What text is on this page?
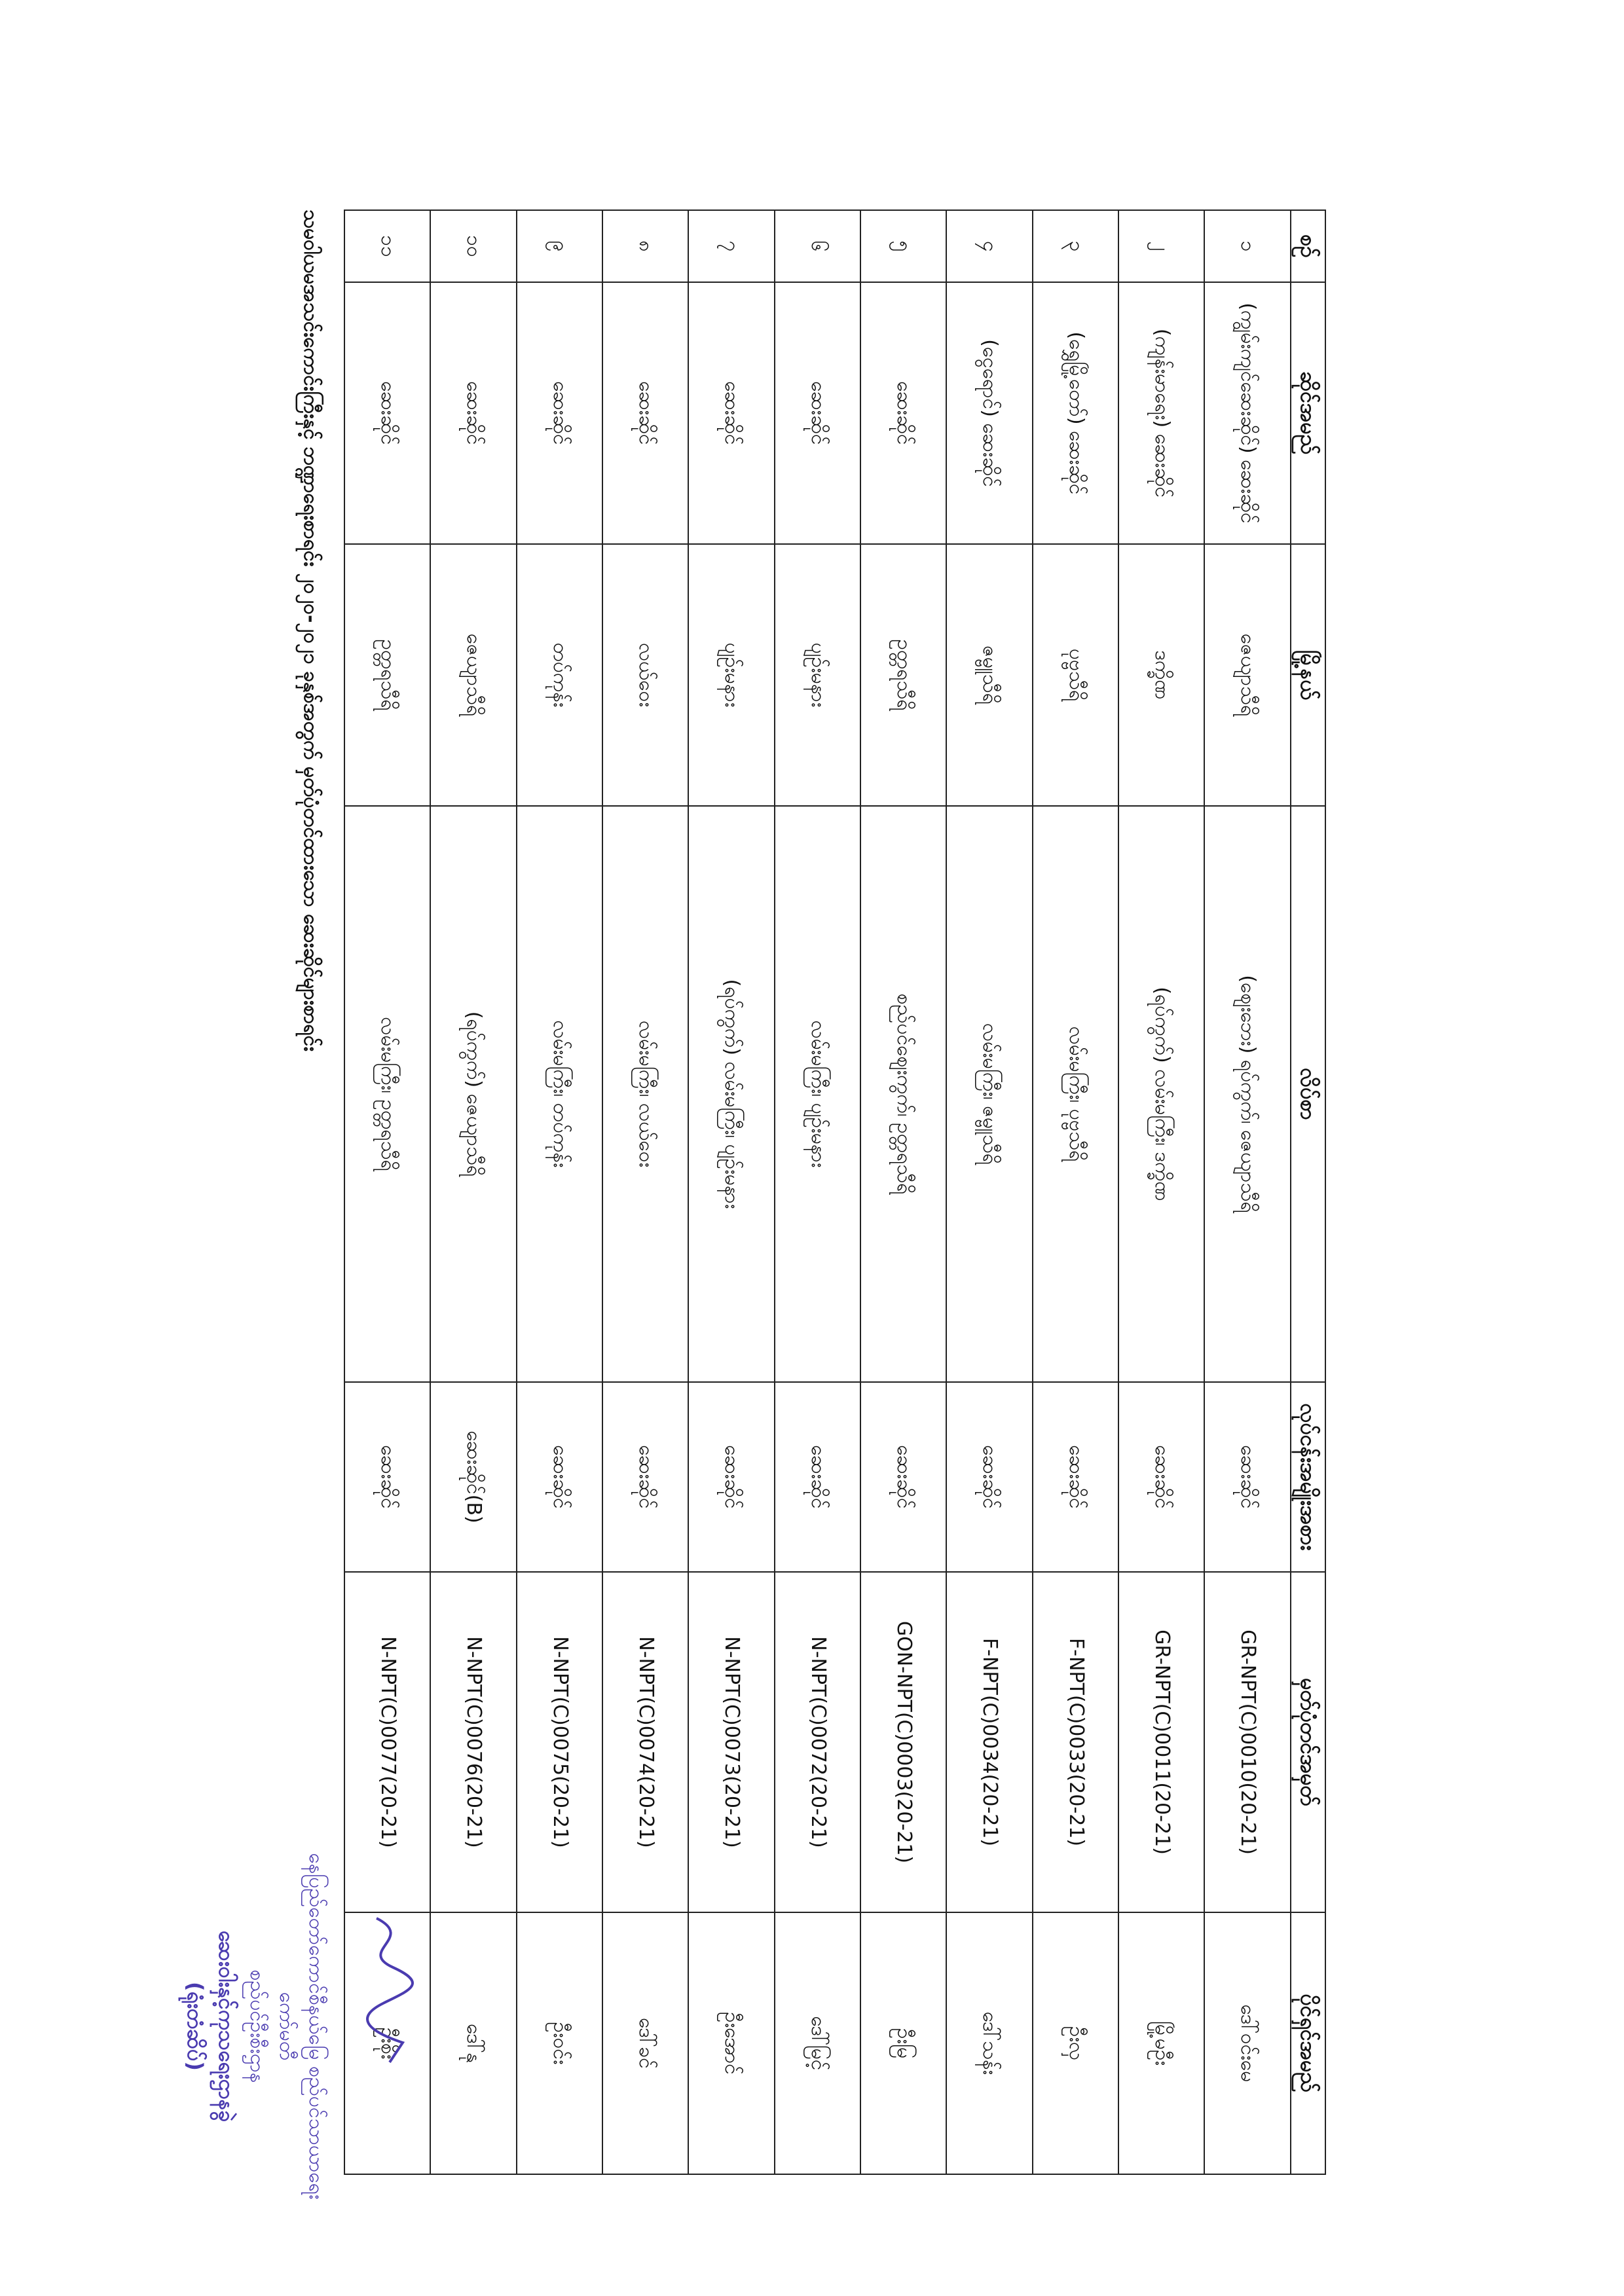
စဉ်	ဆိုင်အမည်	မြို့နယ်	လိပ်စာ	လုပ်ငန်းအမျိုးအစား	မှတ်ပုံတင်အမှတ်	ပိုင်ရှင်အမည်
၁	(ကျွမ်းကျင်ဆေးဆိုင်) ဆေးဆိုင်	ဇေယျာသီရိ	(ဈေးဘေး) ရပ်ကွက်၊ ဇေယျာသီရိ	ဆေးဆိုင်	GR-NPT(C)0010(20-21)	ဒေါ်ဝင်းမေ
၂	(ကျန်းမာရေး) ဆေးဆိုင်	ဒက္ခိဏ	(ရပ်ကွက်) လမ်းမကြီး၊ ဒက္ခိဏ	ဆေးဆိုင်	GR-NPT(C)0011(20-21)	မြို့မဦး
၃	(ရွှေမြို့တော်) ဆေးဆိုင်	ပုဗ္ဗသီရိ	လမ်းမကြီး၊ ပုဗ္ဗသီရိ	ဆေးဆိုင်	F-NPT(C)0033(20-21)	ဦးလှ
၄	(ငွေရောင်) ဆေးဆိုင်	ဇမ္ဗူသီရိ	လမ်းမကြီး၊ ဇမ္ဗူသီရိ	ဆေးဆိုင်	F-NPT(C)0034(20-21)	ဒေါ်သန်း
၅	ဆေးဆိုင်	ဥတ္တရသီရိ	စည်ပင်ဈေးကွက်၊ ဥတ္တရသီရိ	ဆေးဆိုင်	GON-NPT(C)0003(20-21)	ဦးမြ
၆	ဆေးဆိုင်	ပျဉ်းမနား	လမ်းမကြီး၊ ပျဉ်းမနား	ဆေးဆိုင်	N-NPT(C)0072(20-21)	ဒေါ်မြင့်
၇	ဆေးဆိုင်	ပျဉ်းမနား	(ရပ်ကွက်) လမ်းမကြီး၊ ပျဉ်းမနား	ဆေးဆိုင်	N-NPT(C)0073(20-21)	ဦးအောင်
၈	ဆေးဆိုင်	လယ်ဝေး	လမ်းမကြီး၊ လယ်ဝေး	ဆေးဆိုင်	N-NPT(C)0074(20-21)	ဒေါ်ခင်
၉	ဆေးဆိုင်	တပ်ကုန်း	လမ်းမကြီး၊ တပ်ကုန်း	ဆေးဆိုင်	N-NPT(C)0075(20-21)	ဦးဝင်း
၁၀	ဆေးဆိုင်	ဇေယျာသီရိ	(ရပ်ကွက်) ဇေယျာသီရိ	ဆေးဆိုင်(B)	N-NPT(C)0076(20-21)	ဒေါ်နု
၁၁	ဆေးဆိုင်	ဥတ္တရသီရိ	လမ်းမကြီး၊ ဥတ္တရသီရိ	ဆေးဆိုင်	N-NPT(C)0077(20-21)	ဦးစိုး
သမဝါယမအသင်းကောင်းကြီးနှင့် ဘဏ္ဍာရေးစာရင်း ၂၀၂၀-၂၀၂၁ ခုနှစ်အတွက် မှတ်ပုံတင်ထားသော ဆေးဆိုင်များစာရင်း
နေပြည်တော်ကောင်စီနယ်မြေ စည်ပင်သာယာရေးကော်မတီ
စည်ပင်ဦးစီးဌာန
ဆေးဝါးနှင့်ကုသရေးဌာနခွဲ
(ရုံးတံဆိပ်)
